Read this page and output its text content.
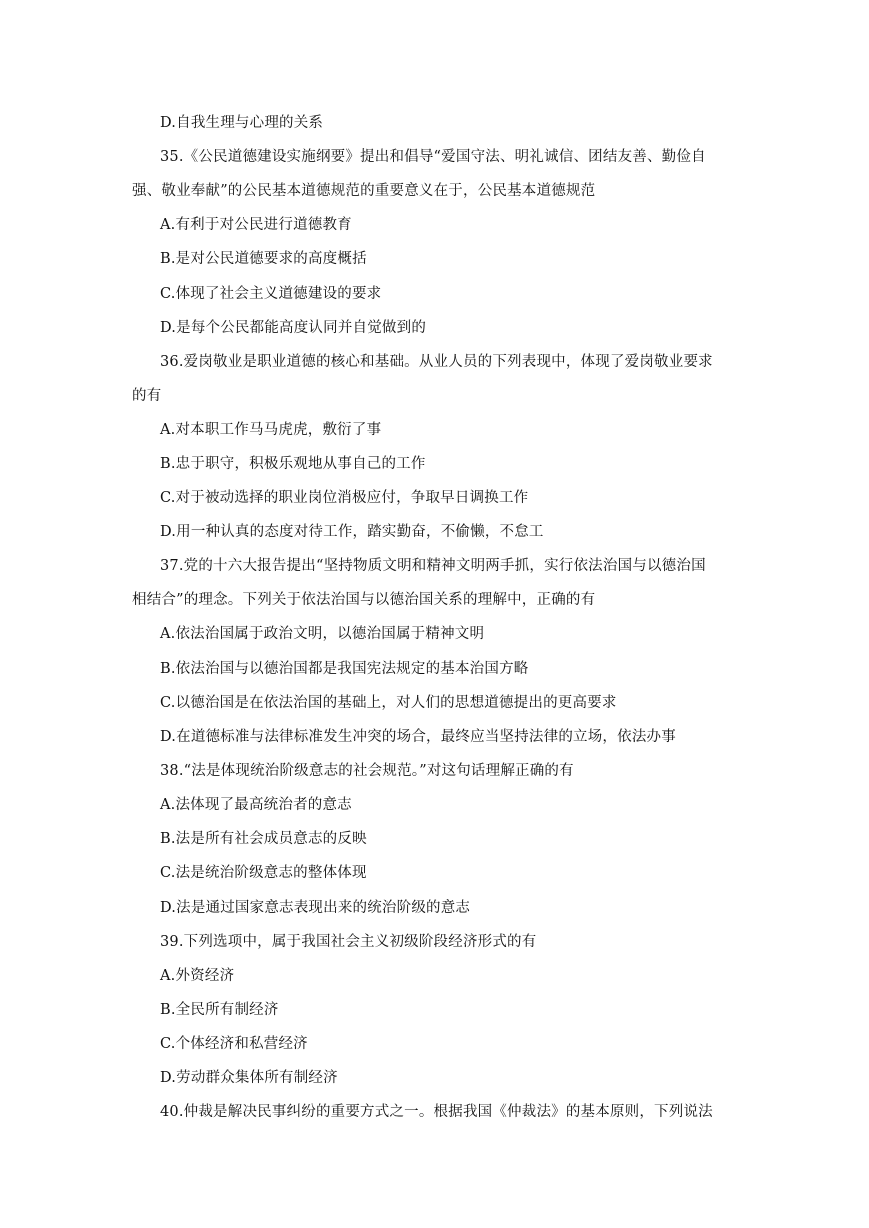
D.自我生理与心理的关系
35.《公民道德建设实施纲要》提出和倡导“爱国守法、明礼诚信、团结友善、勤俭自
强、敬业奉献”的公民基本道德规范的重要意义在于，公民基本道德规范
A.有利于对公民进行道德教育
B.是对公民道德要求的高度概括
C.体现了社会主义道德建设的要求
D.是每个公民都能高度认同并自觉做到的
36.爱岗敬业是职业道德的核心和基础。从业人员的下列表现中，体现了爱岗敬业要求
的有
A.对本职工作马马虎虎，敷衍了事
B.忠于职守，积极乐观地从事自己的工作
C.对于被动选择的职业岗位消极应付，争取早日调换工作
D.用一种认真的态度对待工作，踏实勤奋，不偷懒，不怠工
37.党的十六大报告提出“坚持物质文明和精神文明两手抓，实行依法治国与以德治国
相结合”的理念。下列关于依法治国与以德治国关系的理解中，正确的有
A.依法治国属于政治文明，以德治国属于精神文明
B.依法治国与以德治国都是我国宪法规定的基本治国方略
C.以德治国是在依法治国的基础上，对人们的思想道德提出的更高要求
D.在道德标准与法律标准发生冲突的场合，最终应当坚持法律的立场，依法办事
38.“法是体现统治阶级意志的社会规范。”对这句话理解正确的有
A.法体现了最高统治者的意志
B.法是所有社会成员意志的反映
C.法是统治阶级意志的整体体现
D.法是通过国家意志表现出来的统治阶级的意志
39.下列选项中，属于我国社会主义初级阶段经济形式的有
A.外资经济
B.全民所有制经济
C.个体经济和私营经济
D.劳动群众集体所有制经济
40.仲裁是解决民事纠纷的重要方式之一。根据我国《仲裁法》的基本原则，下列说法
